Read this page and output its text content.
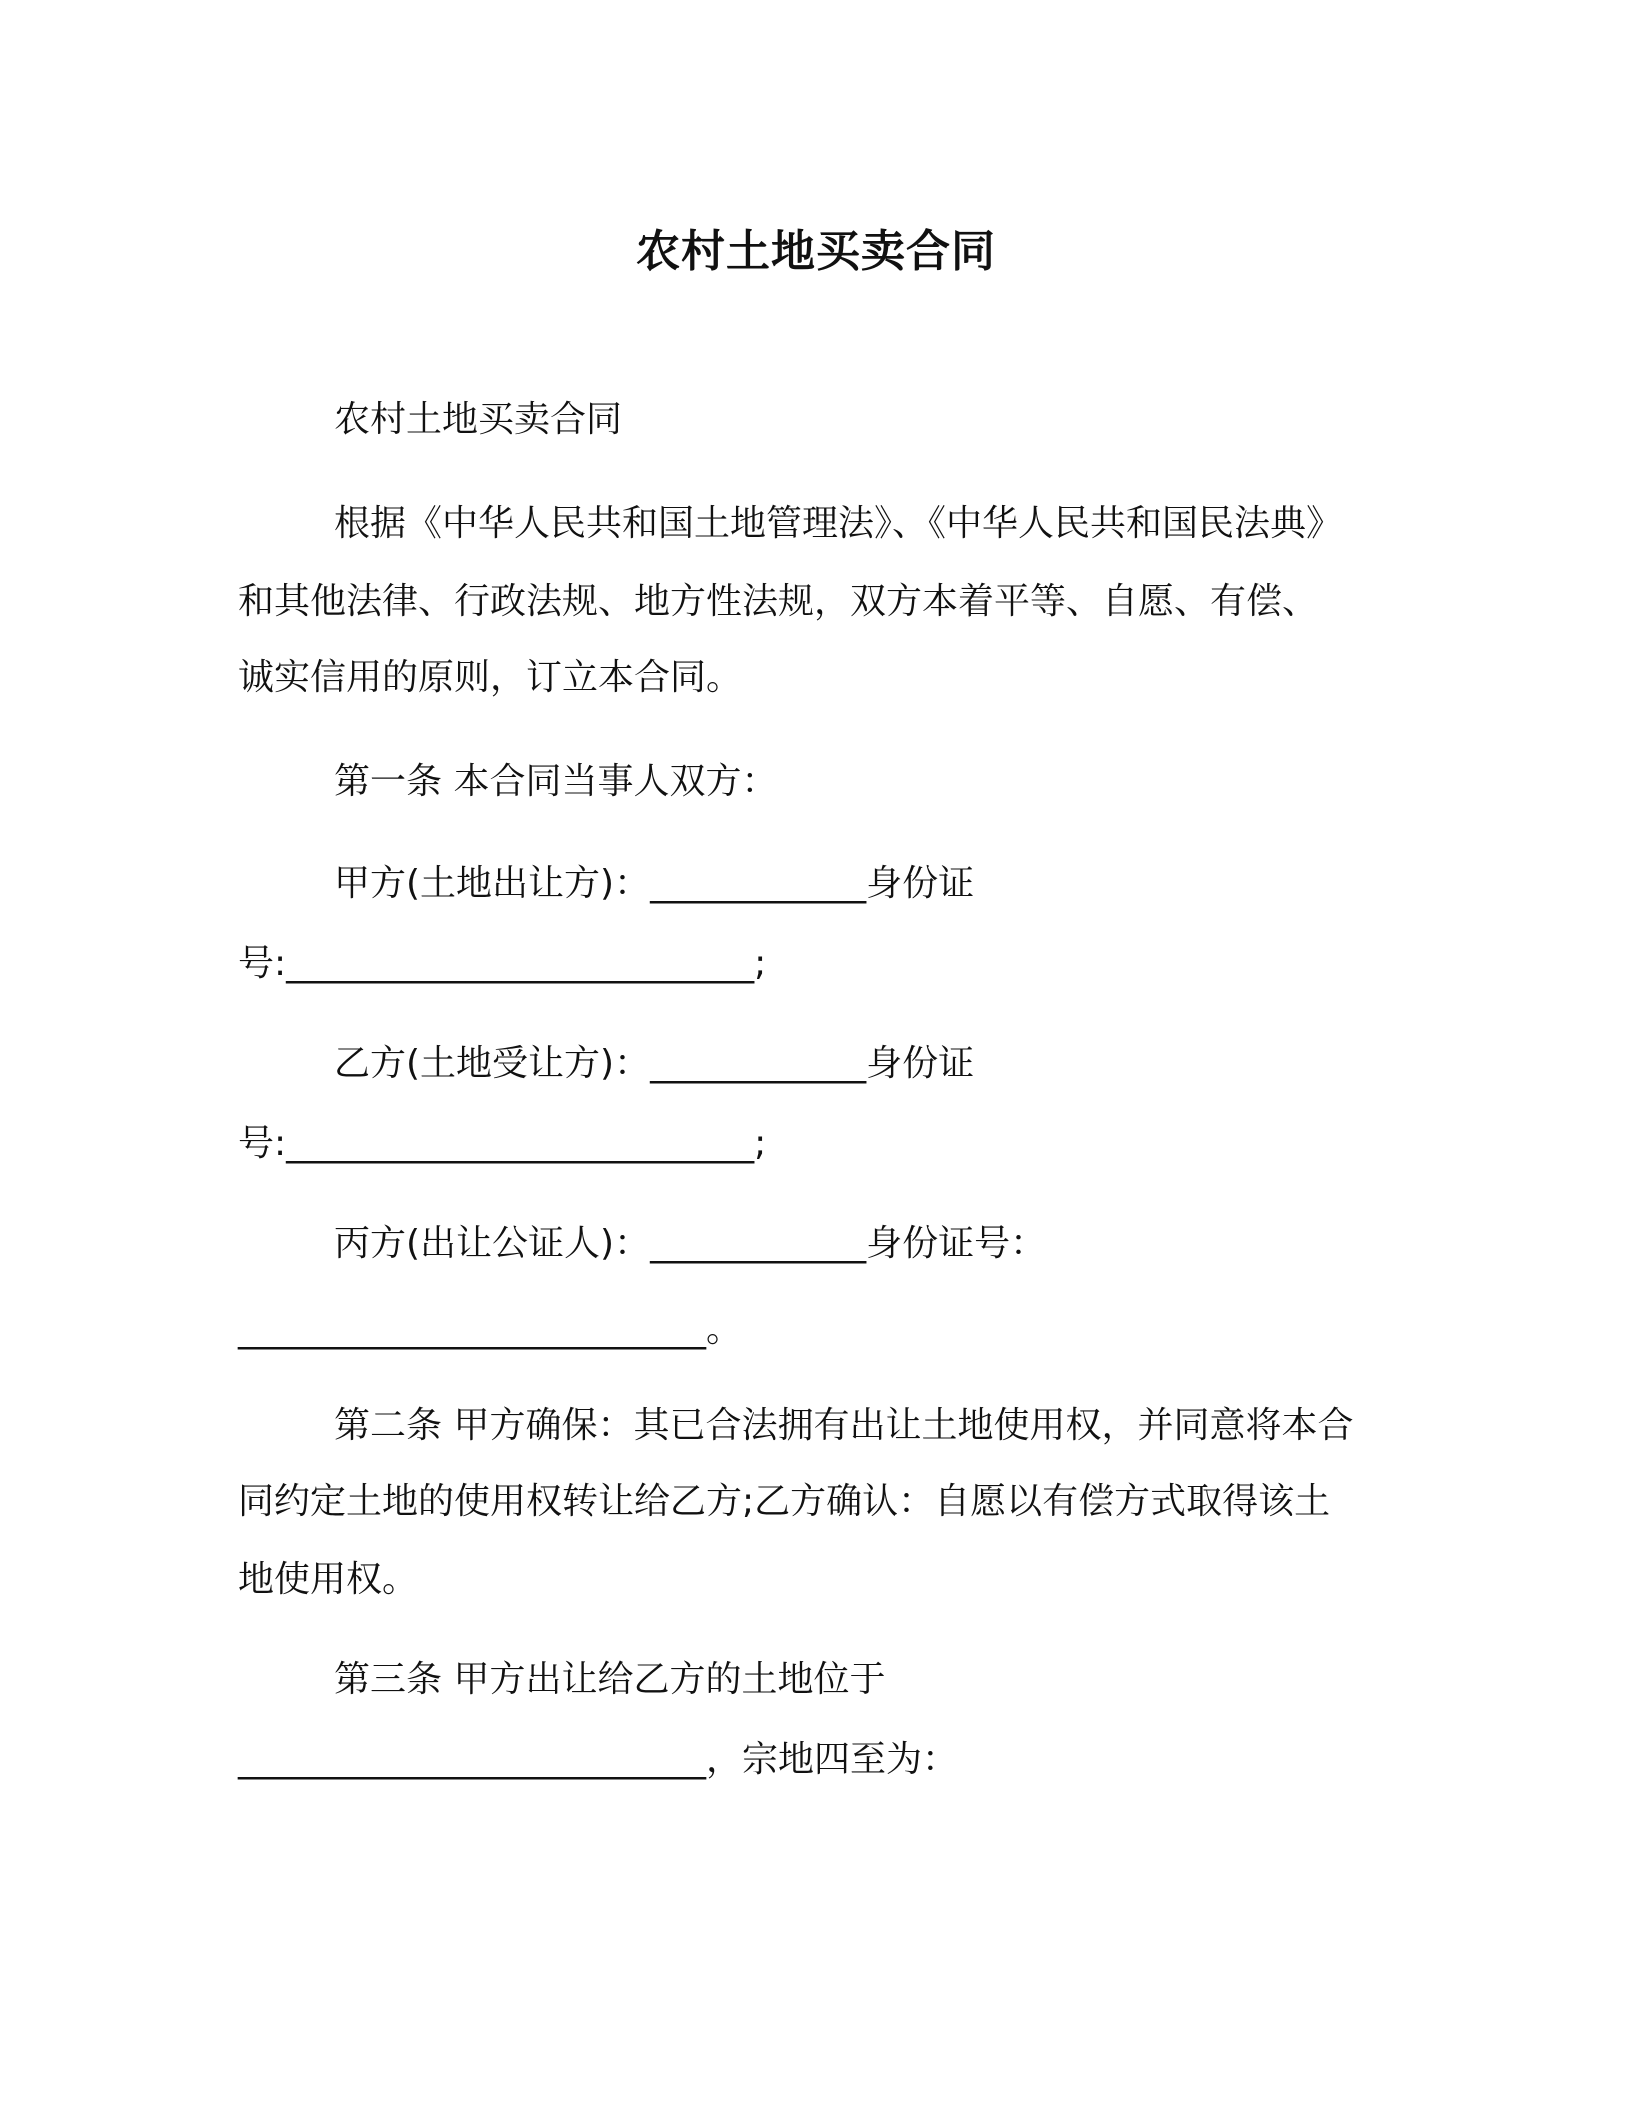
农村土地买卖合同
农村土地买卖合同
根据《中华人民共和国土地管理法》、《中华人民共和国民法典》
和其他法律、行政法规、地方性法规，双方本着平等、自愿、有偿、
诚实信用的原则，订立本合同。
第一条 本合同当事人双方：
甲方(土地出让方)：____________身份证
号:__________________________;
乙方(土地受让方)：____________身份证
号:__________________________;
丙方(出让公证人)：____________身份证号：
__________________________。
第二条 甲方确保：其已合法拥有出让土地使用权，并同意将本合
同约定土地的使用权转让给乙方;乙方确认：自愿以有偿方式取得该土
地使用权。
第三条 甲方出让给乙方的土地位于
__________________________，宗地四至为：
